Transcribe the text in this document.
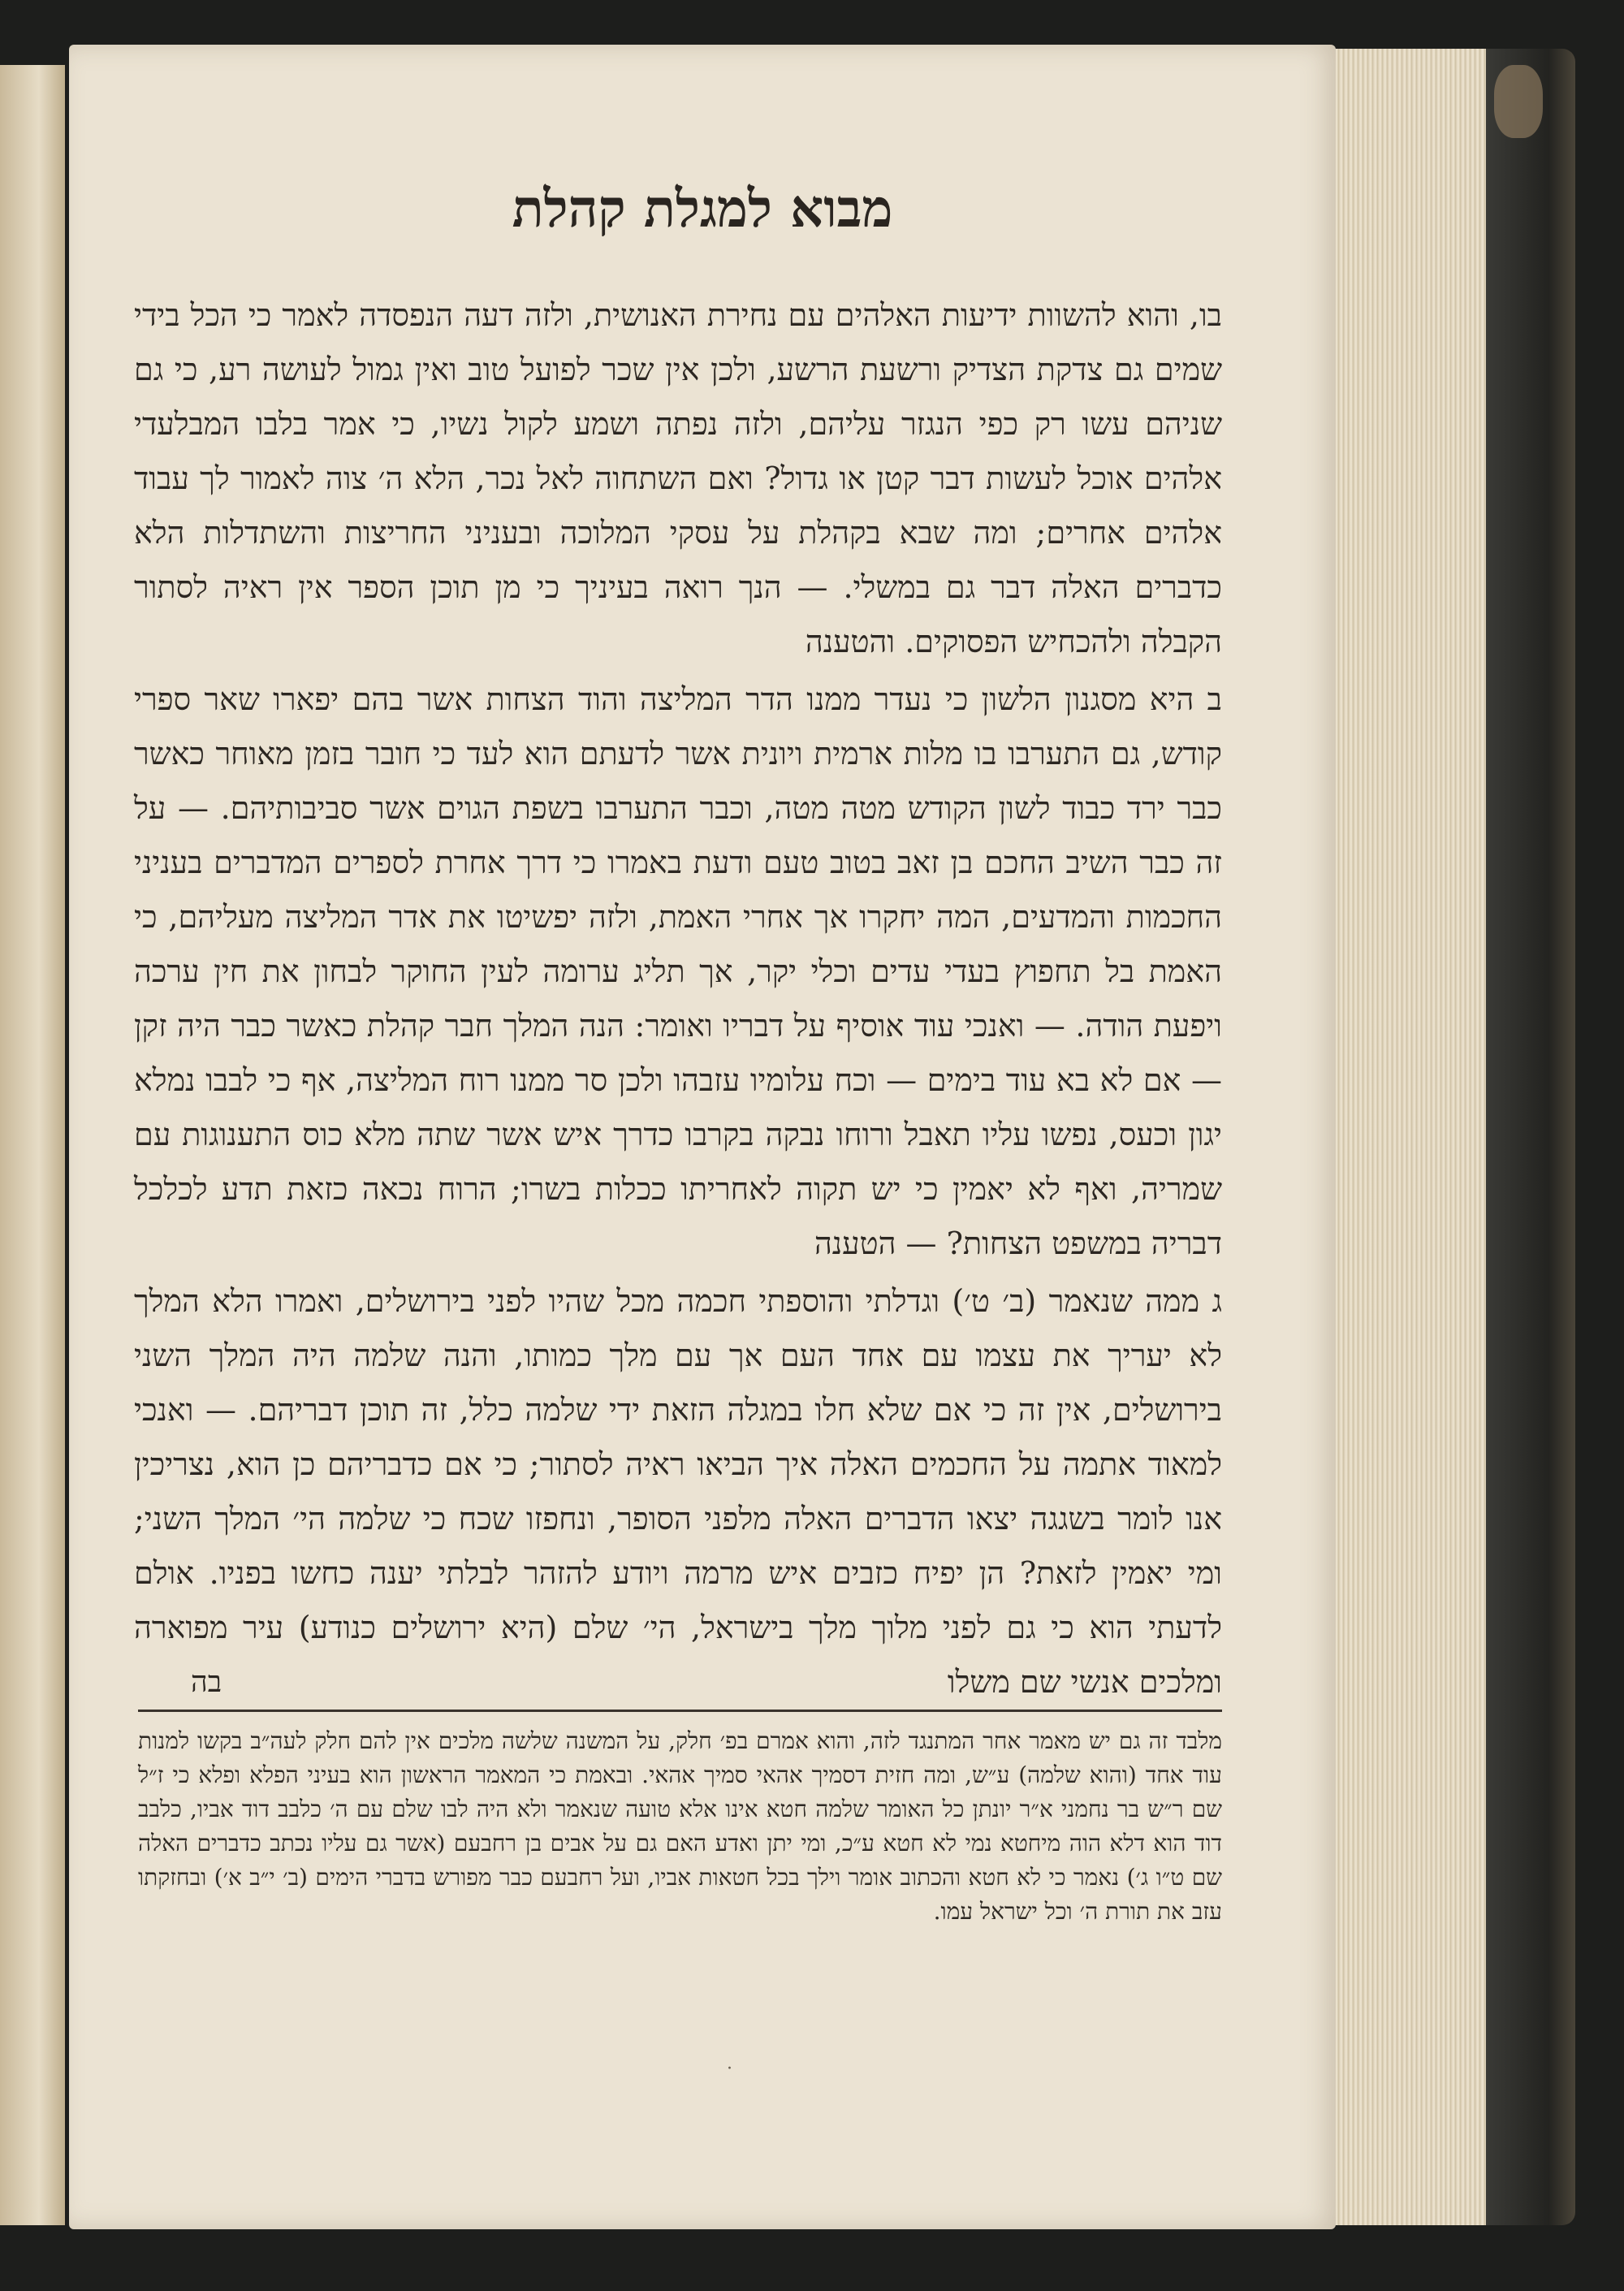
מבוא למגלת קהלת

בו, והוא להשוות ידיעות האלהים עם נחירת האנושית, ולזה דעה הנפסדה לאמר כי הכל בידי שמים גם צדקת הצדיק ורשעת הרשע, ולכן אין שכר לפועל טוב ואין גמול לעושה רע, כי גם שניהם עשו רק כפי הנגזר עליהם, ולזה נפתה ושמע לקול נשיו, כי אמר בלבו המבלעדי אלהים אוכל לעשות דבר קטן או גדול? ואם השתחוה לאל נכר, הלא ה׳ צוה לאמור לך עבוד אלהים אחרים; ומה שבא בקהלת על עסקי המלוכה ובעניני החריצות והשתדלות הלא כדברים האלה דבר גם במשלי. — הנך רואה בעיניך כי מן תוכן הספר אין ראיה לסתור הקבלה ולהכחיש הפסוקים. והטענה

ב היא מסגנון הלשון כי נעדר ממנו הדר המליצה והוד הצחות אשר בהם יפארו שאר ספרי קודש, גם התערבו בו מלות ארמית ויונית אשר לדעתם הוא לעד כי חובר בזמן מאוחר כאשר כבר ירד כבוד לשון הקודש מטה מטה, וכבר התערבו בשפת הגוים אשר סביבותיהם. — על זה כבר השיב החכם בן זאב בטוב טעם ודעת באמרו כי דרך אחרת לספרים המדברים בעניני החכמות והמדעים, המה יחקרו אך אחרי האמת, ולזה יפשיטו את אדר המליצה מעליהם, כי האמת בל תחפוץ בעדי עדים וכלי יקר, אך תליג ערומה לעין החוקר לבחון את חין ערכה ויפעת הודה. — ואנכי עוד אוסיף על דבריו ואומר: הנה המלך חבר קהלת כאשר כבר היה זקן — אם לא בא עוד בימים — וכח עלומיו עזבהו ולכן סר ממנו רוח המליצה, אף כי לבבו נמלא יגון וכעס, נפשו עליו תאבל ורוחו נבקה בקרבו כדרך איש אשר שתה מלא כוס התענוגות עם שמריה, ואף לא יאמין כי יש תקוה לאחריתו ככלות בשרו; הרוח נכאה כזאת תדע לכלכל דבריה במשפט הצחות? — הטענה

ג ממה שנאמר (ב׳ ט׳) וגדלתי והוספתי חכמה מכל שהיו לפני בירושלים, ואמרו הלא המלך לא יעריך את עצמו עם אחד העם אך עם מלך כמותו, והנה שלמה היה המלך השני בירושלים, אין זה כי אם שלא חלו במגלה הזאת ידי שלמה כלל, זה תוכן דבריהם. — ואנכי למאוד אתמה על החכמים האלה איך הביאו ראיה לסתור; כי אם כדבריהם כן הוא, נצריכין אנו לומר בשגגה יצאו הדברים האלה מלפני הסופר, ונחפזו שכח כי שלמה הי׳ המלך השני; ומי יאמין לזאת? הן יפיח כזבים איש מרמה ויודע להזהר לבלתי יענה כחשו בפניו. אולם לדעתי הוא כי גם לפני מלוך מלך בישראל, הי׳ שלם (היא ירושלים כנודע) עיר מפוארה ומלכים אנשי שם משלו

בה
מלבד זה גם יש מאמר אחר המתנגד לזה, והוא אמרם בפ׳ חלק, על המשנה שלשה מלכים אין להם חלק לעה״ב בקשו למנות עוד אחד (והוא שלמה) ע״ש, ומה חזית דסמיך אהאי סמיך אהאי. ובאמת כי המאמר הראשון הוא בעיני הפלא ופלא כי ז״ל שם ר״ש בר נחמני א״ר יונתן כל האומר שלמה חטא אינו אלא טועה שנאמר ולא היה לבו שלם עם ה׳ כלבב דוד אביו, כלבב דוד הוא דלא הוה מיחטא נמי לא חטא ע״כ, ומי יתן ואדע האם גם על אבים בן רחבעם (אשר גם עליו נכתב כדברים האלה שם ט״ו ג׳) נאמר כי לא חטא והכתוב אומר וילך בכל חטאות אביו, ועל רחבעם כבר מפורש בדברי הימים (ב׳ י״ב א׳) ובחזקתו עזב את תורת ה׳ וכל ישראל עמו.
·
